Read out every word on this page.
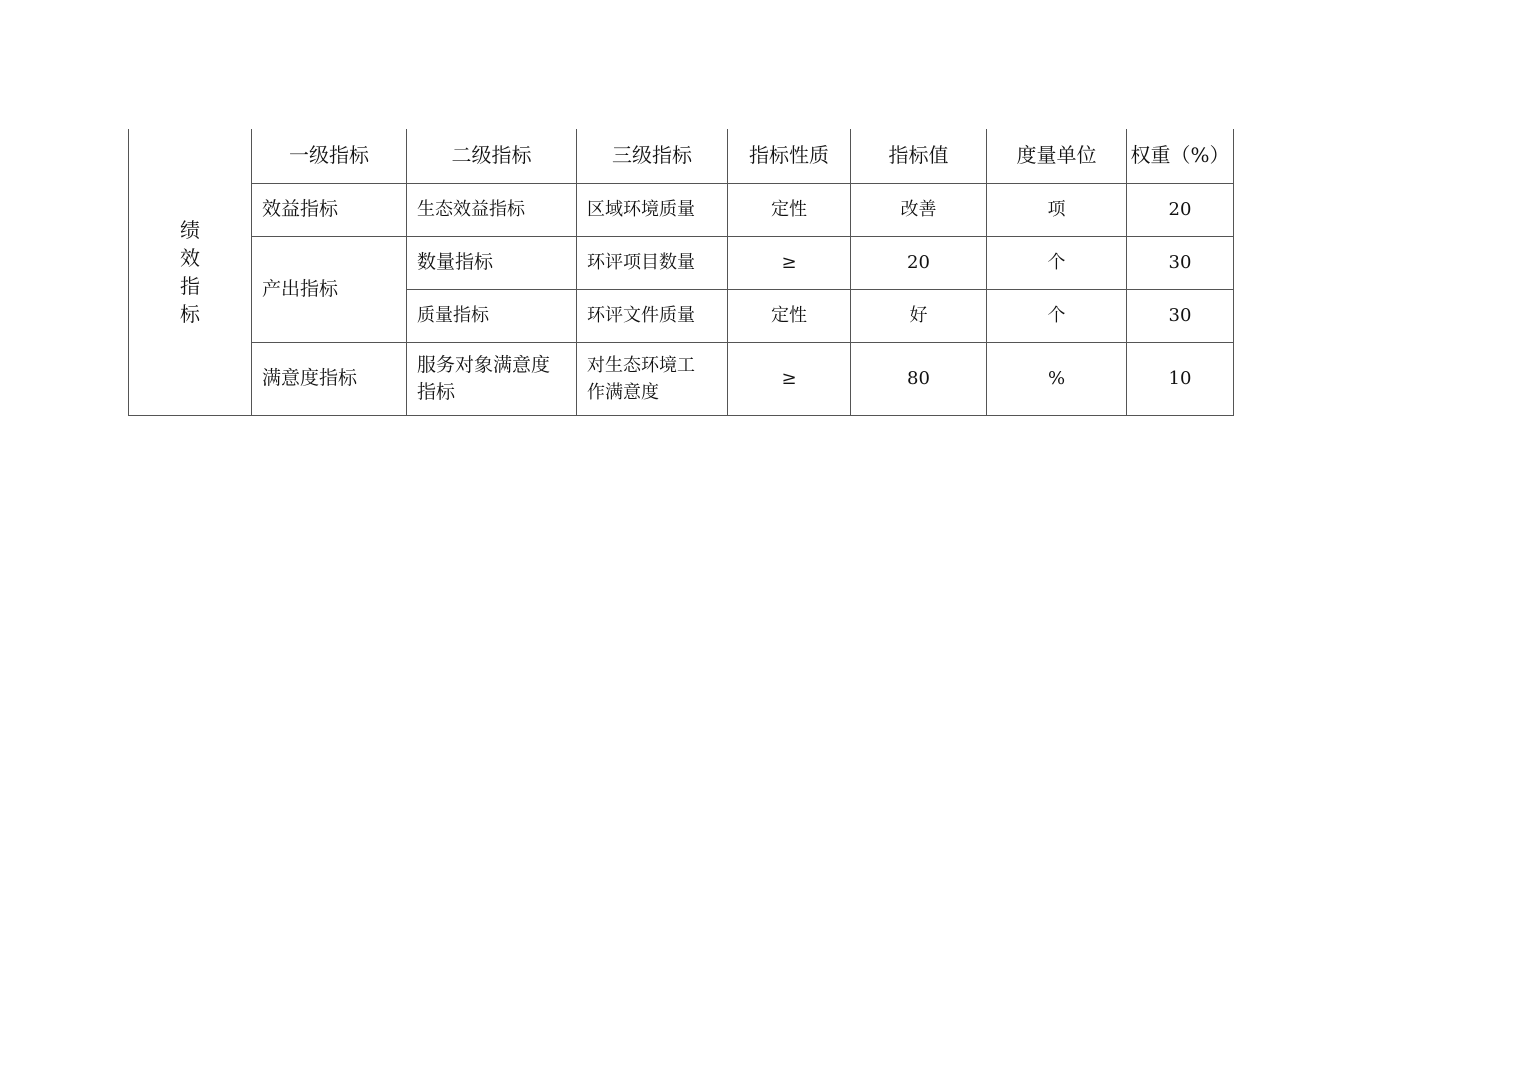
绩效指标	一级指标	二级指标	三级指标	指标性质	指标值	度量单位	权重（%）
	效益指标	生态效益指标	区域环境质量	定性	改善	项	20
	产出指标	数量指标	环评项目数量	≥	20	个	30
		质量指标	环评文件质量	定性	好	个	30
	满意度指标	服务对象满意度指标	对生态环境工作满意度	≥	80	%	10
